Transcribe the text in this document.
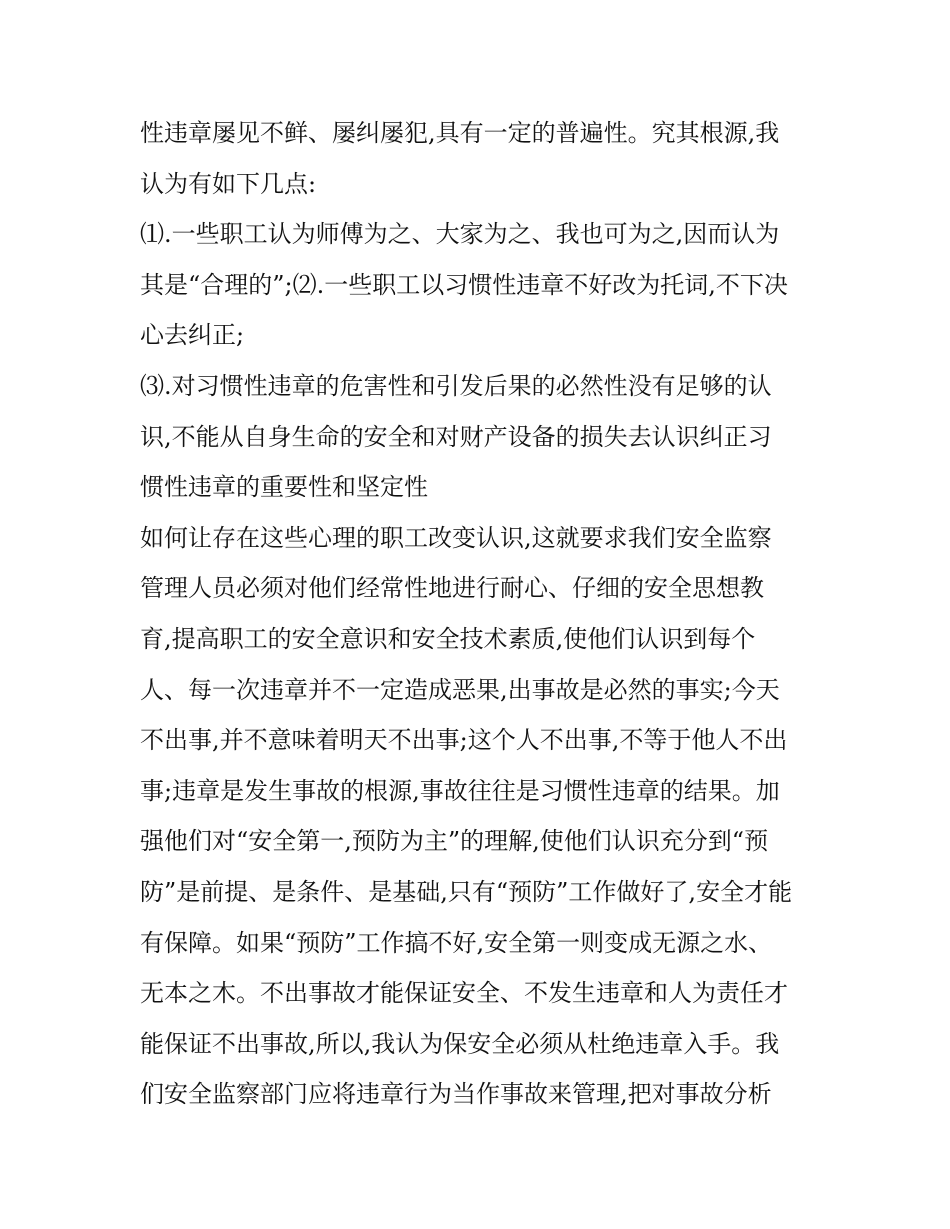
性违章屡见不鲜、屡纠屡犯,具有一定的普遍性。究其根源,我
认为有如下几点:
⑴.一些职工认为师傅为之、大家为之、我也可为之,因而认为
其是“合理的”;⑵.一些职工以习惯性违章不好改为托词,不下决
心去纠正;
⑶.对习惯性违章的危害性和引发后果的必然性没有足够的认
识,不能从自身生命的安全和对财产设备的损失去认识纠正习
惯性违章的重要性和坚定性
如何让存在这些心理的职工改变认识,这就要求我们安全监察
管理人员必须对他们经常性地进行耐心、仔细的安全思想教
育,提高职工的安全意识和安全技术素质,使他们认识到每个
人、每一次违章并不一定造成恶果,出事故是必然的事实;今天
不出事,并不意味着明天不出事;这个人不出事,不等于他人不出
事;违章是发生事故的根源,事故往往是习惯性违章的结果。加
强他们对“安全第一,预防为主”的理解,使他们认识充分到“预
防”是前提、是条件、是基础,只有“预防”工作做好了,安全才能
有保障。如果“预防”工作搞不好,安全第一则变成无源之水、
无本之木。不出事故才能保证安全、不发生违章和人为责任才
能保证不出事故,所以,我认为保安全必须从杜绝违章入手。我
们安全监察部门应将违章行为当作事故来管理,把对事故分析
